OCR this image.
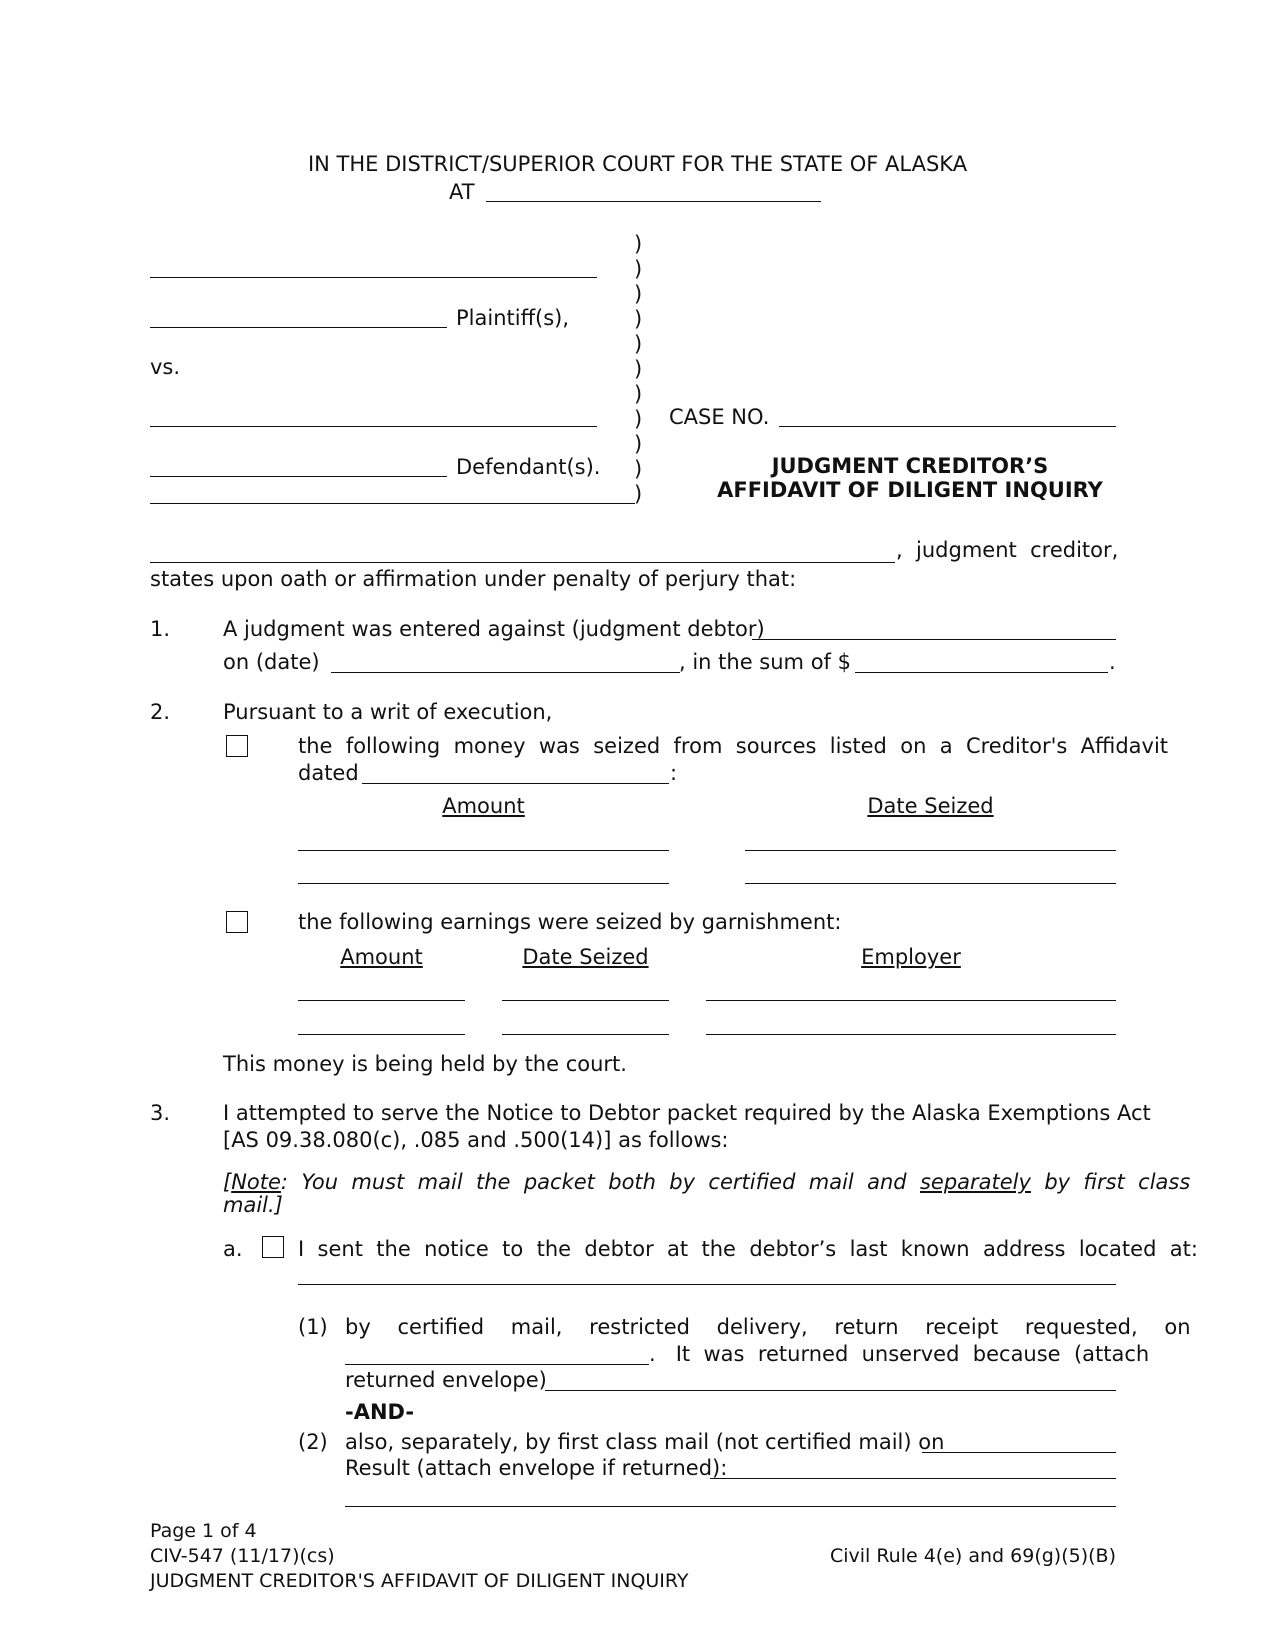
IN THE DISTRICT/SUPERIOR COURT FOR THE STATE OF ALASKA
AT
Plaintiff(s),
vs.
Defendant(s).
)
)
)
)
)
)
)
)
)
)
)
CASE NO.
JUDGMENT CREDITOR’S
AFFIDAVIT OF DILIGENT INQUIRY
,  judgment  creditor,
states upon oath or affirmation under penalty of perjury that:
1.	A judgment was entered against (judgment debtor)
on (date)	, in the sum of $	.
2.	Pursuant to a writ of execution,
the  following  money  was  seized  from  sources  listed  on  a  Creditor's  Affidavit
dated	:
Amount	Date Seized
the following earnings were seized by garnishment:
Amount	Date Seized	Employer
This money is being held by the court.
3.	I attempted to serve the Notice to Debtor packet required by the Alaska Exemptions Act
[AS 09.38.080(c), .085 and .500(14)] as follows:
[Note:  You  must  mail  the  packet  both  by  certified  mail  and separately by  first  class
mail.]
a.	I  sent  the  notice  to  the  debtor  at  the  debtor’s  last  known  address  located  at:
(1) by    certified    mail,    restricted    delivery,    return    receipt    requested,    on
.   It  was  returned  unserved  because  (attach
returned envelope)
-AND-
(2) also, separately, by first class mail (not certified mail) on
Result (attach envelope if returned):
Page 1 of 4
CIV-547 (11/17)(cs)
JUDGMENT CREDITOR'S AFFIDAVIT OF DILIGENT INQUIRY
Civil Rule 4(e) and 69(g)(5)(B)
